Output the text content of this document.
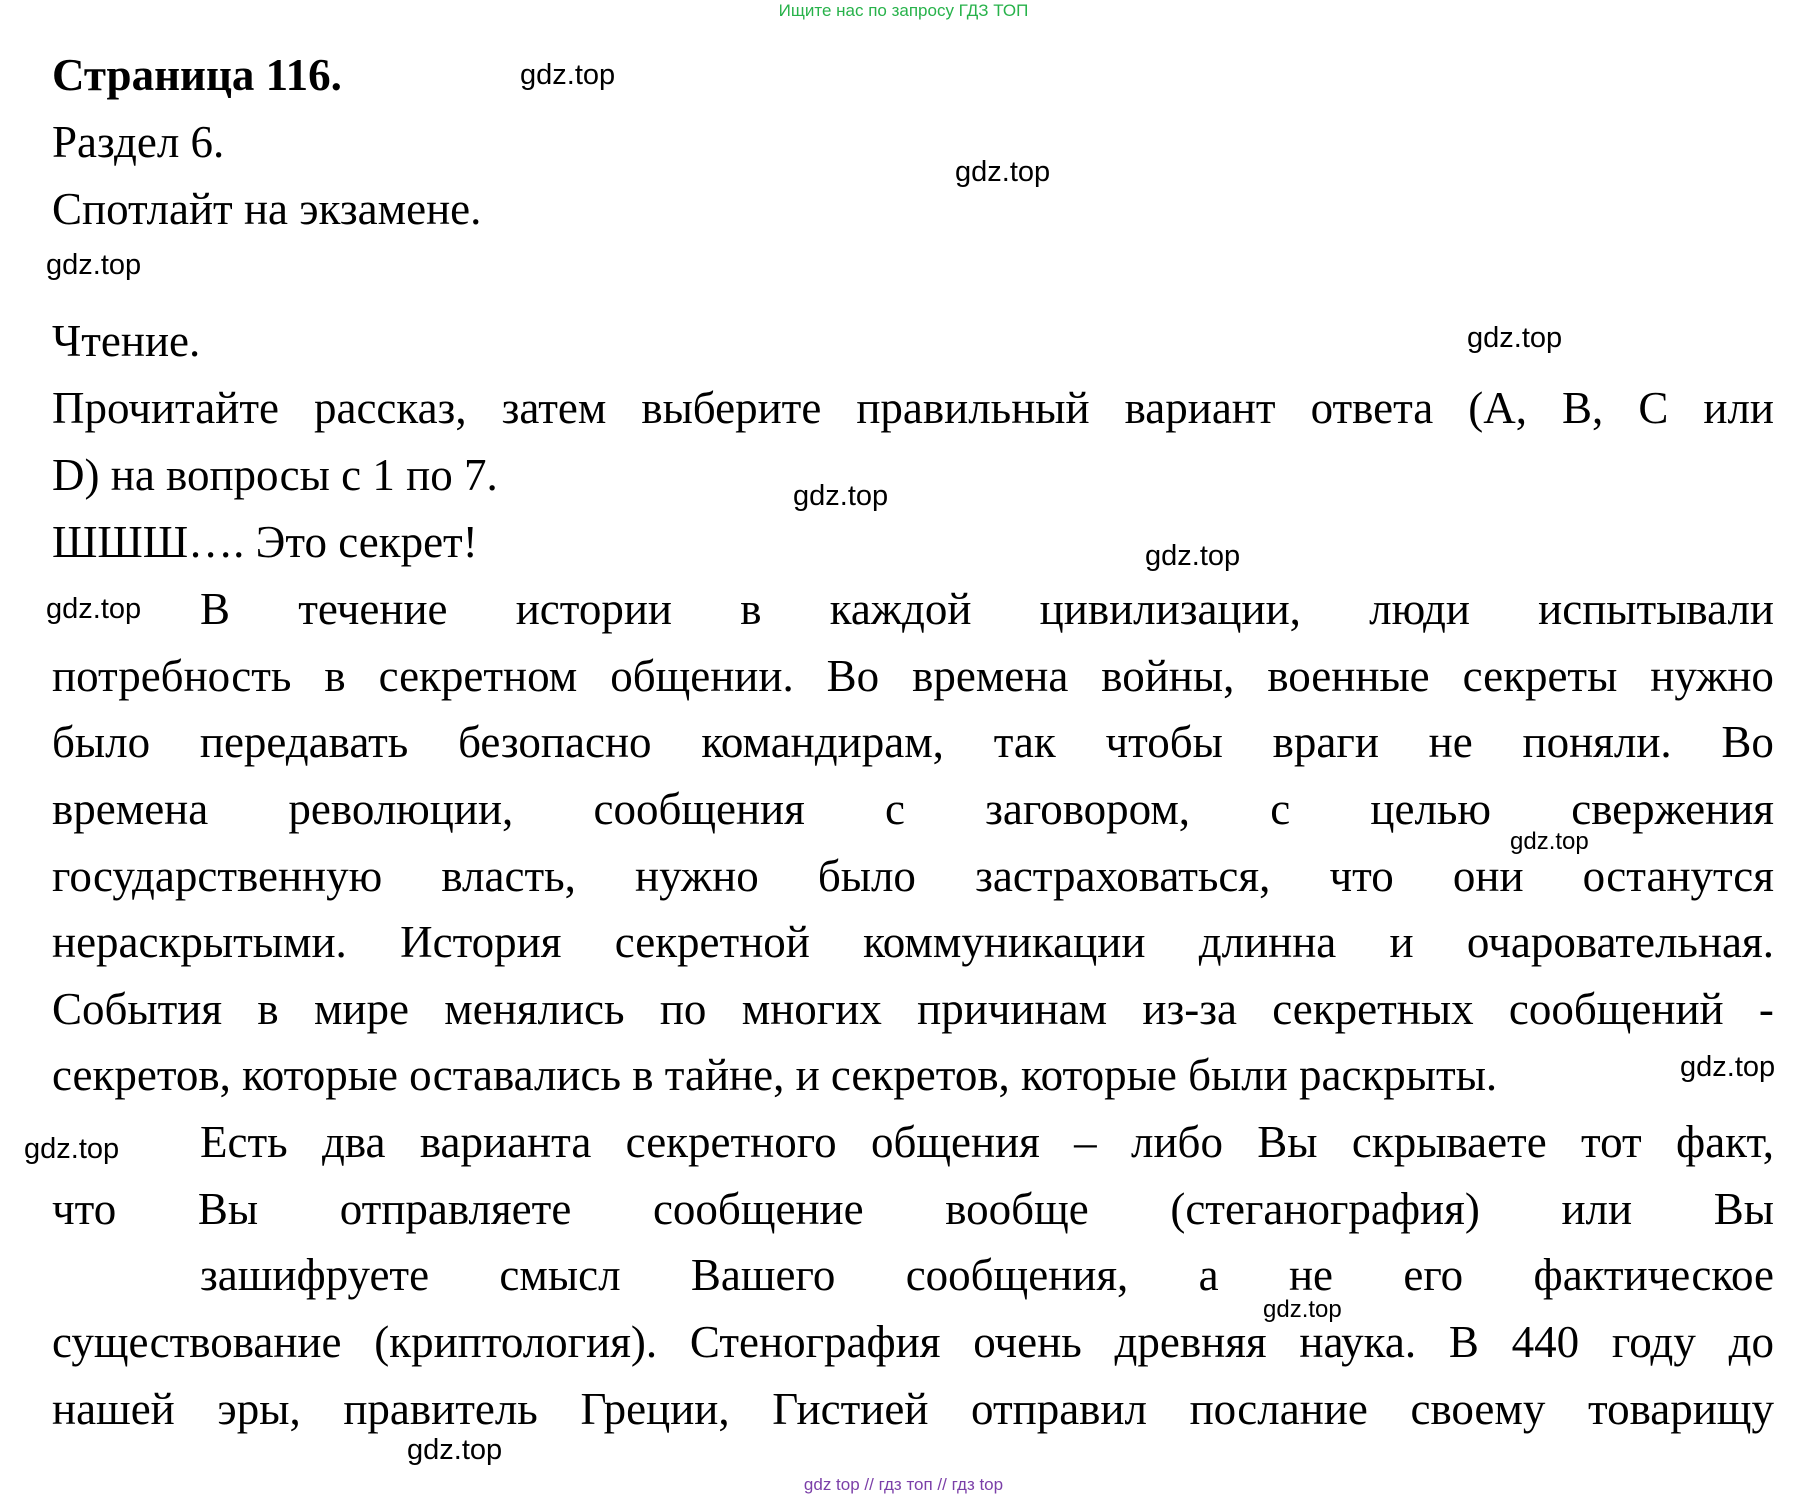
Ищите нас по запросу ГДЗ ТОП
Страница 116.
Раздел 6.
Спотлайт на экзамене.
Чтение.
Прочитайте рассказ, затем выберите правильный вариант ответа (A, B, C или
D) на вопросы с 1 по 7.
ШШШ…. Это секрет!
В течение истории в каждой цивилизации, люди испытывали
потребность в секретном общении. Во времена войны, военные секреты нужно
было передавать безопасно командирам, так чтобы враги не поняли. Во
времена революции, сообщения с заговором, с целью свержения
государственную власть, нужно было застраховаться, что они останутся
нераскрытыми. История секретной коммуникации длинна и очаровательная.
События в мире менялись по многих причинам из-за секретных сообщений -
секретов, которые оставались в тайне, и секретов, которые были раскрыты.
Есть два варианта секретного общения – либо Вы скрываете тот факт,
что Вы отправляете сообщение вообще (стеганография) или Вы
зашифруете смысл Вашего сообщения, а не его фактическое
существование (криптология). Стенография очень древняя наука. В 440 году до
нашей эры, правитель Греции, Гистией отправил послание своему товарищу
gdz.top
gdz.top
gdz.top
gdz.top
gdz.top
gdz.top
gdz.top
gdz.top
gdz.top
gdz.top
gdz.top
gdz.top
gdz top // гдз топ // гдз top
